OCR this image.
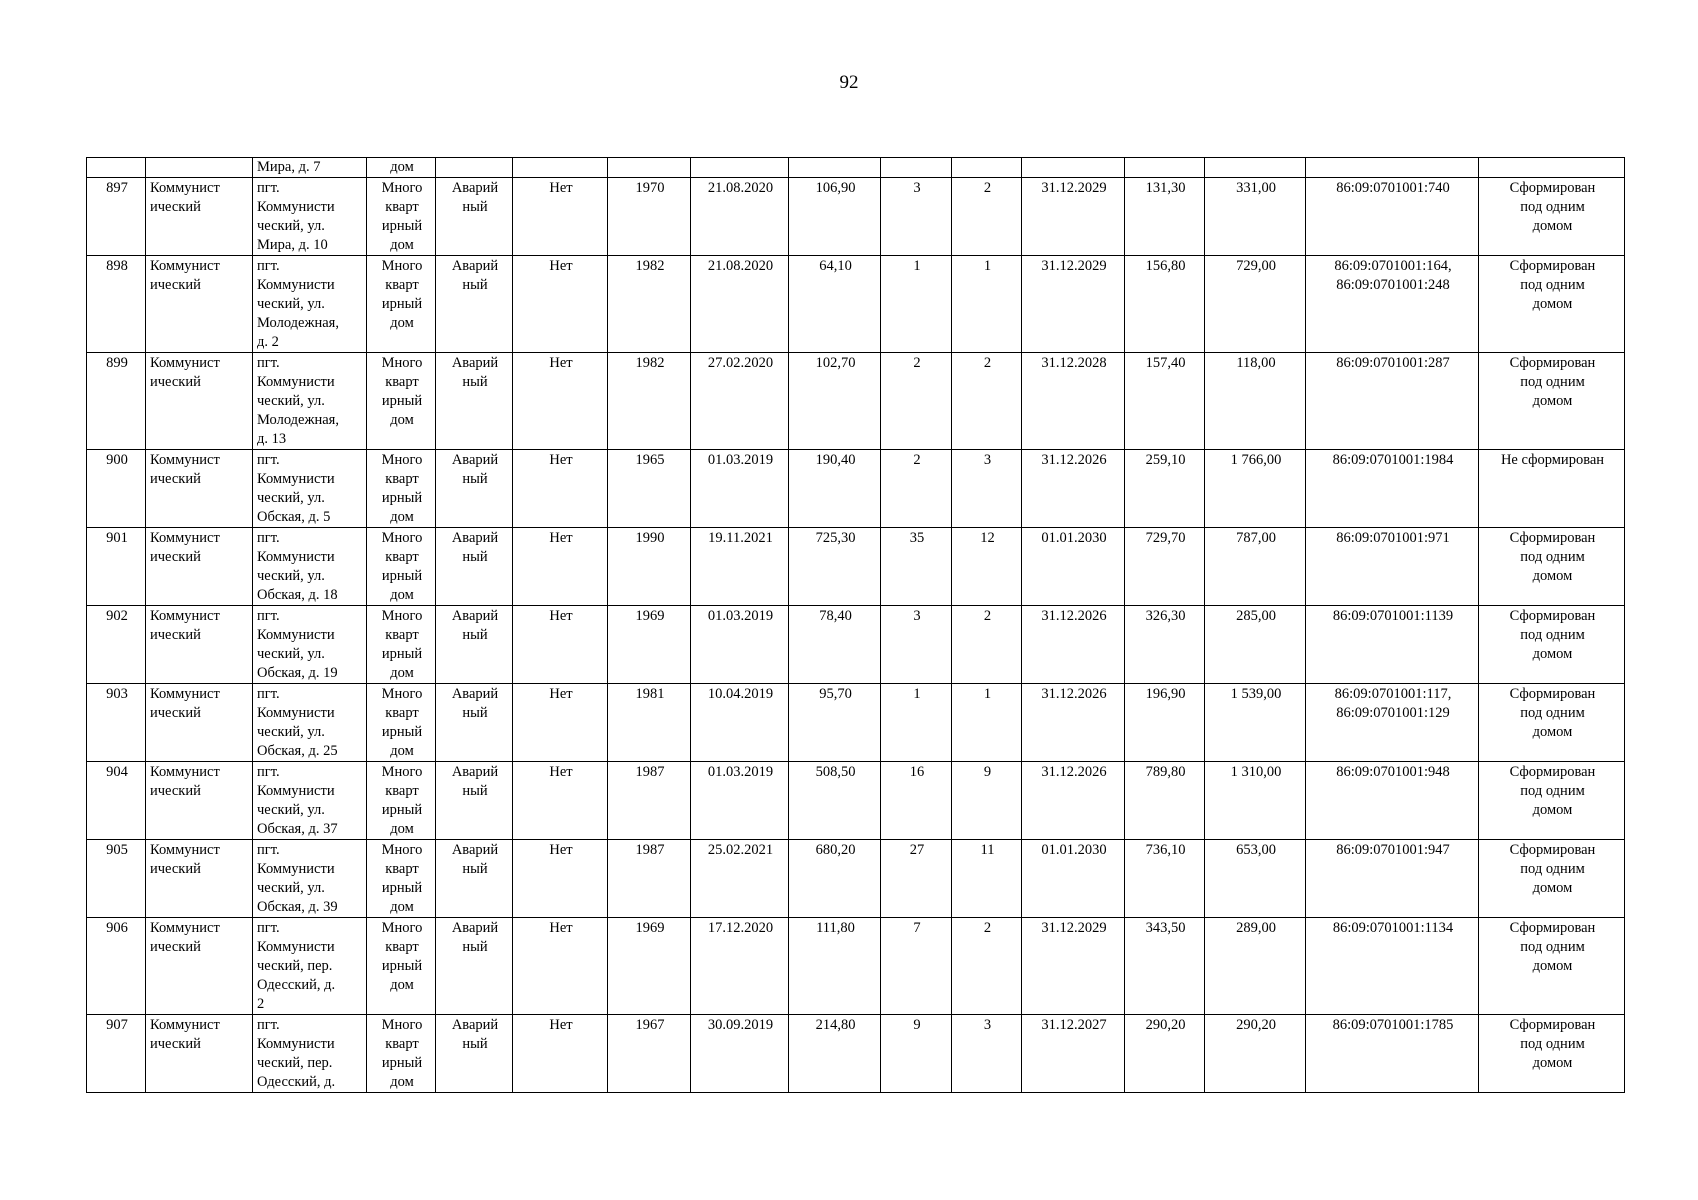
92
		Мира, д. 7	дом												
897	Коммунист
ический	пгт.
Коммунисти
ческий, ул.
Мира, д. 10	Много
кварт
ирный
дом	Аварий
ный	Нет	1970	21.08.2020	106,90	3	2	31.12.2029	131,30	331,00	86:09:0701001:740	Сформирован
под одним
домом
898	Коммунист
ический	пгт.
Коммунисти
ческий, ул.
Молодежная,
д. 2	Много
кварт
ирный
дом	Аварий
ный	Нет	1982	21.08.2020	64,10	1	1	31.12.2029	156,80	729,00	86:09:0701001:164,
86:09:0701001:248	Сформирован
под одним
домом
899	Коммунист
ический	пгт.
Коммунисти
ческий, ул.
Молодежная,
д. 13	Много
кварт
ирный
дом	Аварий
ный	Нет	1982	27.02.2020	102,70	2	2	31.12.2028	157,40	118,00	86:09:0701001:287	Сформирован
под одним
домом
900	Коммунист
ический	пгт.
Коммунисти
ческий, ул.
Обская, д. 5	Много
кварт
ирный
дом	Аварий
ный	Нет	1965	01.03.2019	190,40	2	3	31.12.2026	259,10	1 766,00	86:09:0701001:1984	Не сформирован
901	Коммунист
ический	пгт.
Коммунисти
ческий, ул.
Обская, д. 18	Много
кварт
ирный
дом	Аварий
ный	Нет	1990	19.11.2021	725,30	35	12	01.01.2030	729,70	787,00	86:09:0701001:971	Сформирован
под одним
домом
902	Коммунист
ический	пгт.
Коммунисти
ческий, ул.
Обская, д. 19	Много
кварт
ирный
дом	Аварий
ный	Нет	1969	01.03.2019	78,40	3	2	31.12.2026	326,30	285,00	86:09:0701001:1139	Сформирован
под одним
домом
903	Коммунист
ический	пгт.
Коммунисти
ческий, ул.
Обская, д. 25	Много
кварт
ирный
дом	Аварий
ный	Нет	1981	10.04.2019	95,70	1	1	31.12.2026	196,90	1 539,00	86:09:0701001:117,
86:09:0701001:129	Сформирован
под одним
домом
904	Коммунист
ический	пгт.
Коммунисти
ческий, ул.
Обская, д. 37	Много
кварт
ирный
дом	Аварий
ный	Нет	1987	01.03.2019	508,50	16	9	31.12.2026	789,80	1 310,00	86:09:0701001:948	Сформирован
под одним
домом
905	Коммунист
ический	пгт.
Коммунисти
ческий, ул.
Обская, д. 39	Много
кварт
ирный
дом	Аварий
ный	Нет	1987	25.02.2021	680,20	27	11	01.01.2030	736,10	653,00	86:09:0701001:947	Сформирован
под одним
домом
906	Коммунист
ический	пгт.
Коммунисти
ческий, пер.
Одесский, д.
2	Много
кварт
ирный
дом	Аварий
ный	Нет	1969	17.12.2020	111,80	7	2	31.12.2029	343,50	289,00	86:09:0701001:1134	Сформирован
под одним
домом
907	Коммунист
ический	пгт.
Коммунисти
ческий, пер.
Одесский, д.	Много
кварт
ирный
дом	Аварий
ный	Нет	1967	30.09.2019	214,80	9	3	31.12.2027	290,20	290,20	86:09:0701001:1785	Сформирован
под одним
домом
